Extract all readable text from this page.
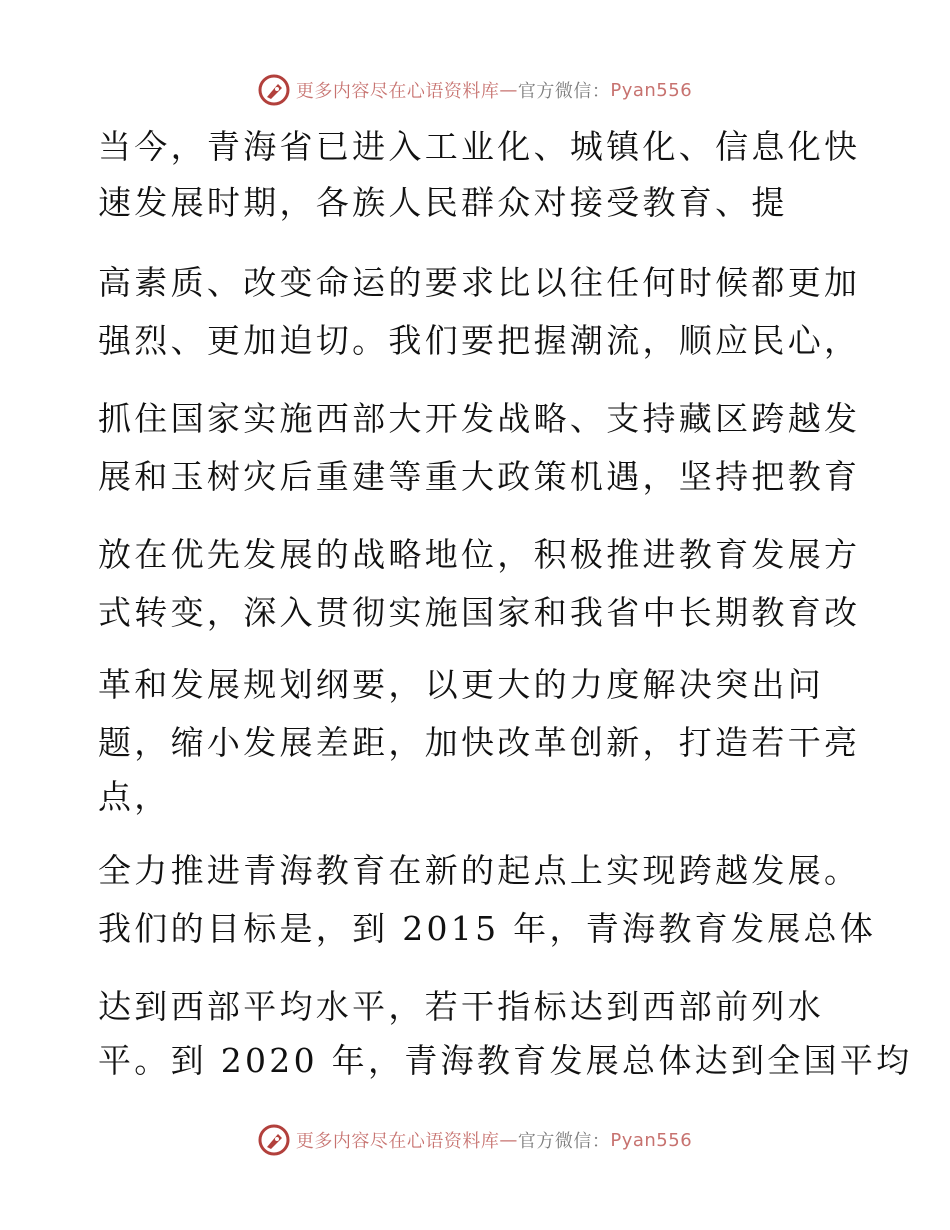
更多内容尽在心语资料库 — 官方微信： Pyan556
当今，青海省已进入工业化、城镇化、信息化快
速发展时期，各族人民群众对接受教育、提
高素质、改变命运的要求比以往任何时候都更加
强烈、更加迫切。我们要把握潮流，顺应民心，
抓住国家实施西部大开发战略、支持藏区跨越发
展和玉树灾后重建等重大政策机遇，坚持把教育
放在优先发展的战略地位，积极推进教育发展方
式转变，深入贯彻实施国家和我省中长期教育改
革和发展规划纲要，以更大的力度解决突出问
题，缩小发展差距，加快改革创新，打造若干亮
点，
全力推进青海教育在新的起点上实现跨越发展。
我们的目标是，到 2015 年，青海教育发展总体
达到西部平均水平，若干指标达到西部前列水
平。到 2020 年，青海教育发展总体达到全国平均
更多内容尽在心语资料库 — 官方微信： Pyan556
